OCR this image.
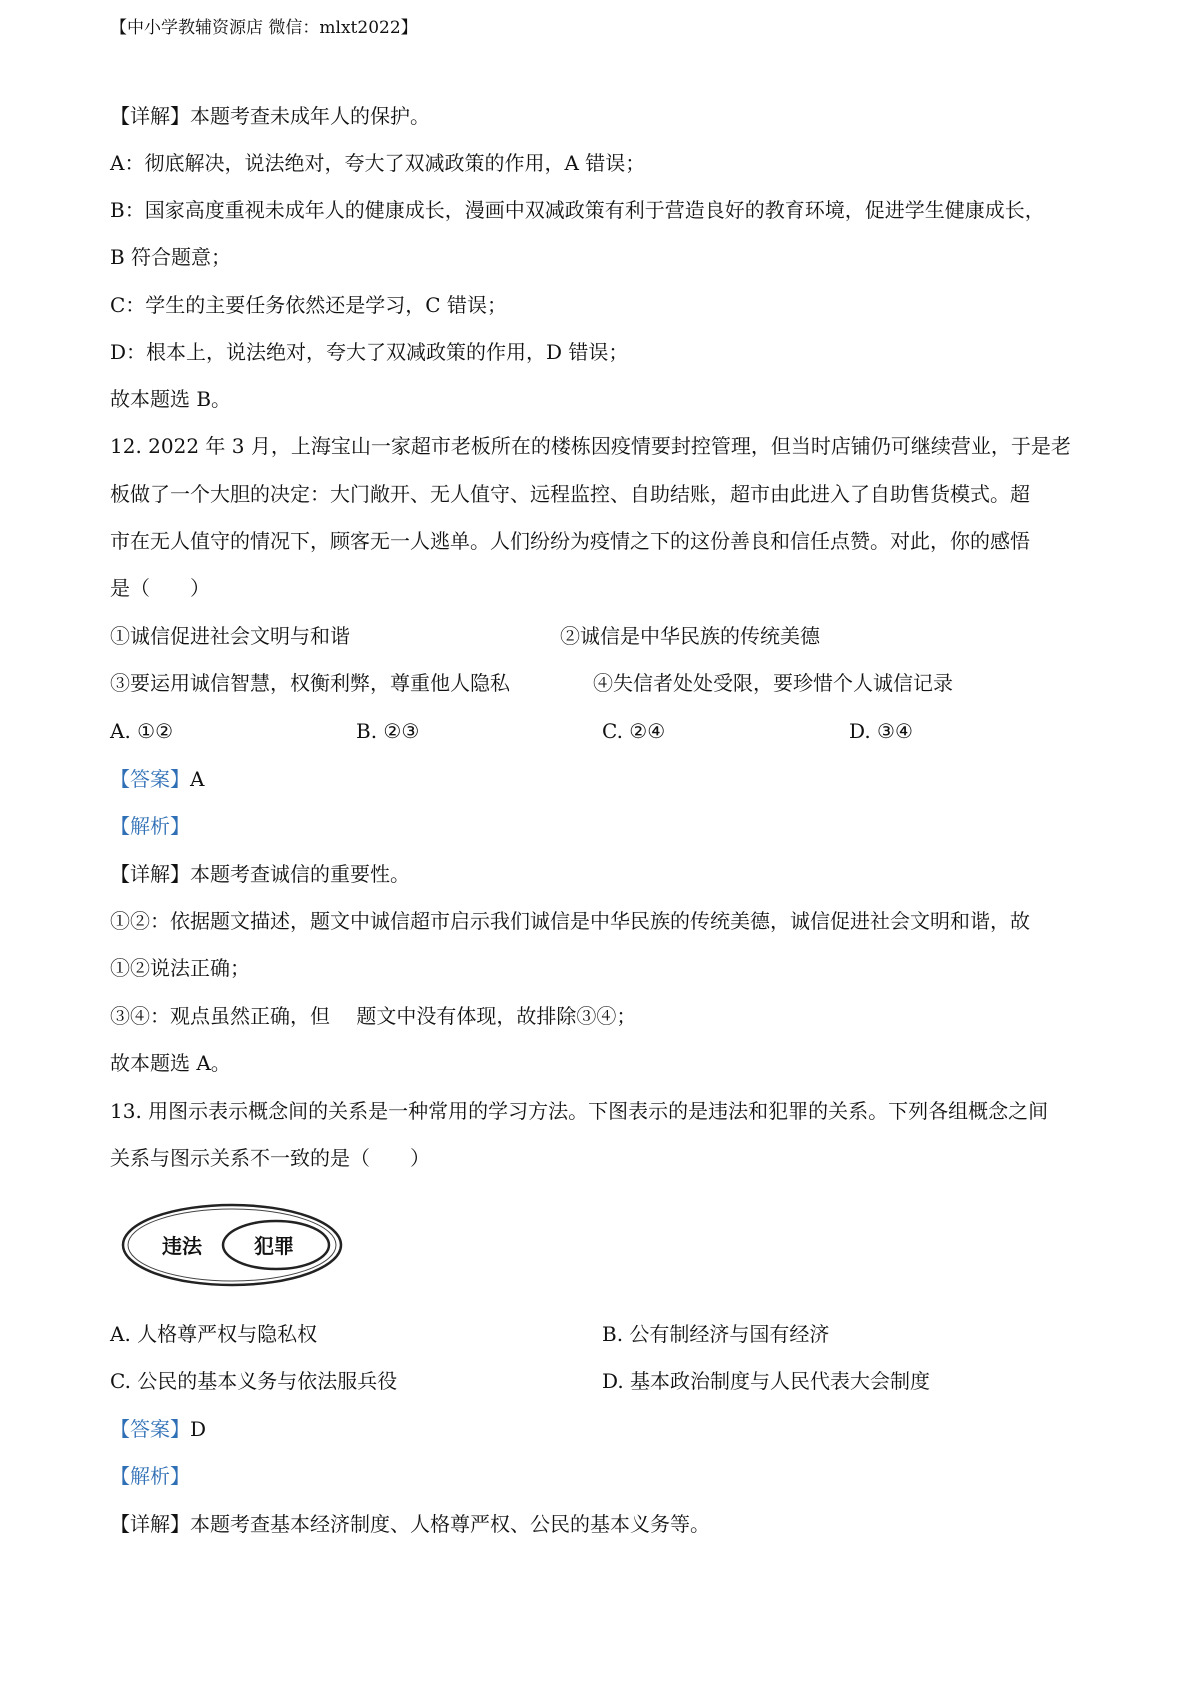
【中小学教辅资源店 微信：mlxt2022】
【详解】本题考查未成年人的保护。
A：彻底解决，说法绝对，夸大了双减政策的作用，A 错误；
B：国家高度重视未成年人的健康成长，漫画中双减政策有利于营造良好的教育环境，促进学生健康成长，
B 符合题意；
C：学生的主要任务依然还是学习，C 错误；
D：根本上，说法绝对，夸大了双减政策的作用，D 错误；
故本题选 B。
12. 2022 年 3 月，上海宝山一家超市老板所在的楼栋因疫情要封控管理，但当时店铺仍可继续营业，于是老
板做了一个大胆的决定：大门敞开、无人值守、远程监控、自助结账，超市由此进入了自助售货模式。超
市在无人值守的情况下，顾客无一人逃单。人们纷纷为疫情之下的这份善良和信任点赞。对此，你的感悟
是（　　）
①诚信促进社会文明与和谐	②诚信是中华民族的传统美德
③要运用诚信智慧，权衡利弊，尊重他人隐私	④失信者处处受限，要珍惜个人诚信记录
A. ①②	B. ②③	C. ②④	D. ③④
【答案】A
【解析】
【详解】本题考查诚信的重要性。
①②：依据题文描述，题文中诚信超市启示我们诚信是中华民族的传统美德，诚信促进社会文明和谐，故
①②说法正确；
③④：观点虽然正确，但　 题文中没有体现，故排除③④；
故本题选 A。
13. 用图示表示概念间的关系是一种常用的学习方法。下图表示的是违法和犯罪的关系。下列各组概念之间
关系与图示关系不一致的是（　　）
违法	犯罪
A. 人格尊严权与隐私权	B. 公有制经济与国有经济
C. 公民的基本义务与依法服兵役	D. 基本政治制度与人民代表大会制度
【答案】D
【解析】
【详解】本题考查基本经济制度、人格尊严权、公民的基本义务等。
